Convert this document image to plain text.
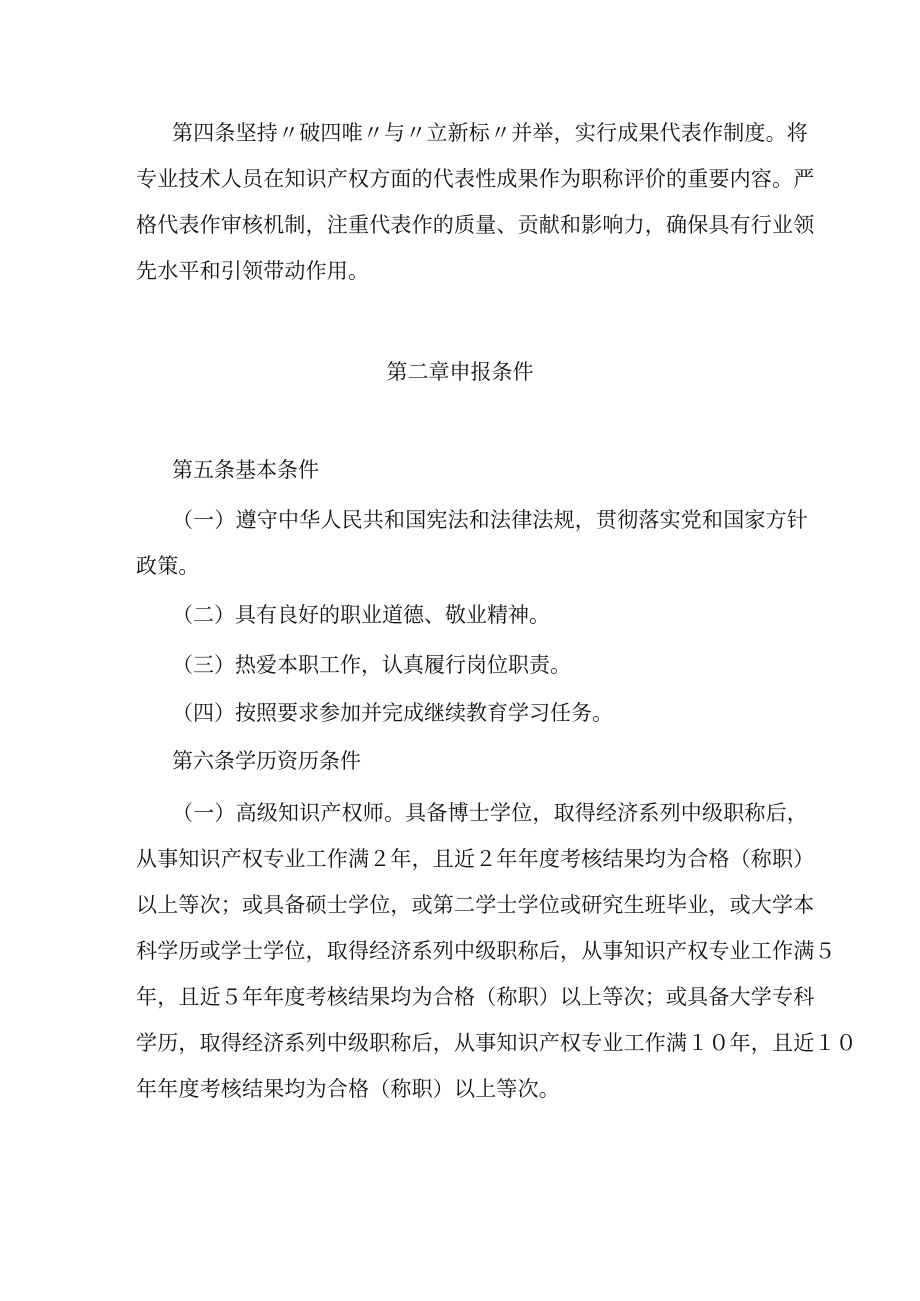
第四条坚持〃破四唯〃与〃立新标〃并举，实行成果代表作制度。将
专业技术人员在知识产权方面的代表性成果作为职称评价的重要内容。严
格代表作审核机制，注重代表作的质量、贡献和影响力，确保具有行业领
先水平和引领带动作用。
第二章申报条件
第五条基本条件
（一）遵守中华人民共和国宪法和法律法规，贯彻落实党和国家方针
政策。
（二）具有良好的职业道德、敬业精神。
（三）热爱本职工作，认真履行岗位职责。
（四）按照要求参加并完成继续教育学习任务。
第六条学历资历条件
（一）高级知识产权师。具备博士学位，取得经济系列中级职称后，
从事知识产权专业工作满２年，且近２年年度考核结果均为合格（称职）
以上等次；或具备硕士学位，或第二学士学位或研究生班毕业，或大学本
科学历或学士学位，取得经济系列中级职称后，从事知识产权专业工作满５
年，且近５年年度考核结果均为合格（称职）以上等次；或具备大学专科
学历，取得经济系列中级职称后，从事知识产权专业工作满１０年，且近１０
年年度考核结果均为合格（称职）以上等次。
